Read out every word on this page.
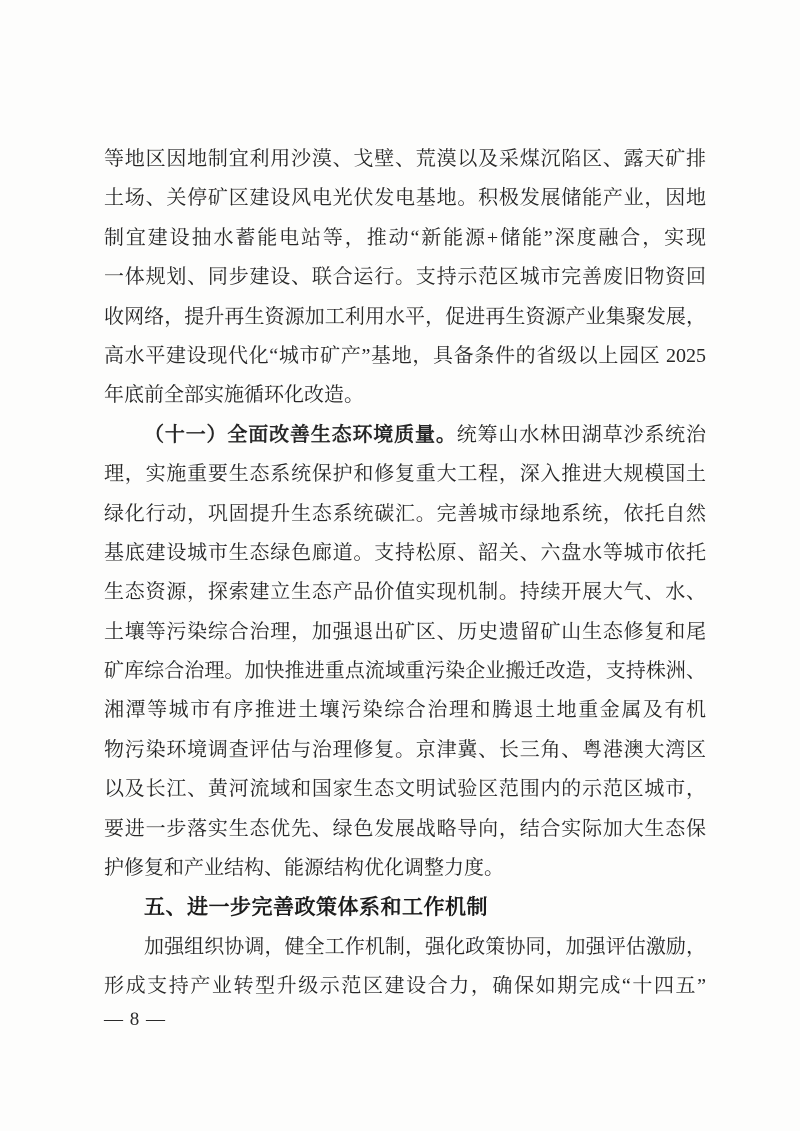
等地区因地制宜利用沙漠、戈壁、荒漠以及采煤沉陷区、露天矿排
土场、关停矿区建设风电光伏发电基地。积极发展储能产业，因地
制宜建设抽水蓄能电站等，推动“新能源+储能”深度融合，实现
一体规划、同步建设、联合运行。支持示范区城市完善废旧物资回
收网络，提升再生资源加工利用水平，促进再生资源产业集聚发展，
高水平建设现代化“城市矿产”基地，具备条件的省级以上园区 2025
年底前全部实施循环化改造。
（十一）全面改善生态环境质量。统筹山水林田湖草沙系统治
理，实施重要生态系统保护和修复重大工程，深入推进大规模国土
绿化行动，巩固提升生态系统碳汇。完善城市绿地系统，依托自然
基底建设城市生态绿色廊道。支持松原、韶关、六盘水等城市依托
生态资源，探索建立生态产品价值实现机制。持续开展大气、水、
土壤等污染综合治理，加强退出矿区、历史遗留矿山生态修复和尾
矿库综合治理。加快推进重点流域重污染企业搬迁改造，支持株洲、
湘潭等城市有序推进土壤污染综合治理和腾退土地重金属及有机
物污染环境调查评估与治理修复。京津冀、长三角、粤港澳大湾区
以及长江、黄河流域和国家生态文明试验区范围内的示范区城市，
要进一步落实生态优先、绿色发展战略导向，结合实际加大生态保
护修复和产业结构、能源结构优化调整力度。
五、进一步完善政策体系和工作机制
加强组织协调，健全工作机制，强化政策协同，加强评估激励，
形成支持产业转型升级示范区建设合力，确保如期完成“十四五”
— 8 —
